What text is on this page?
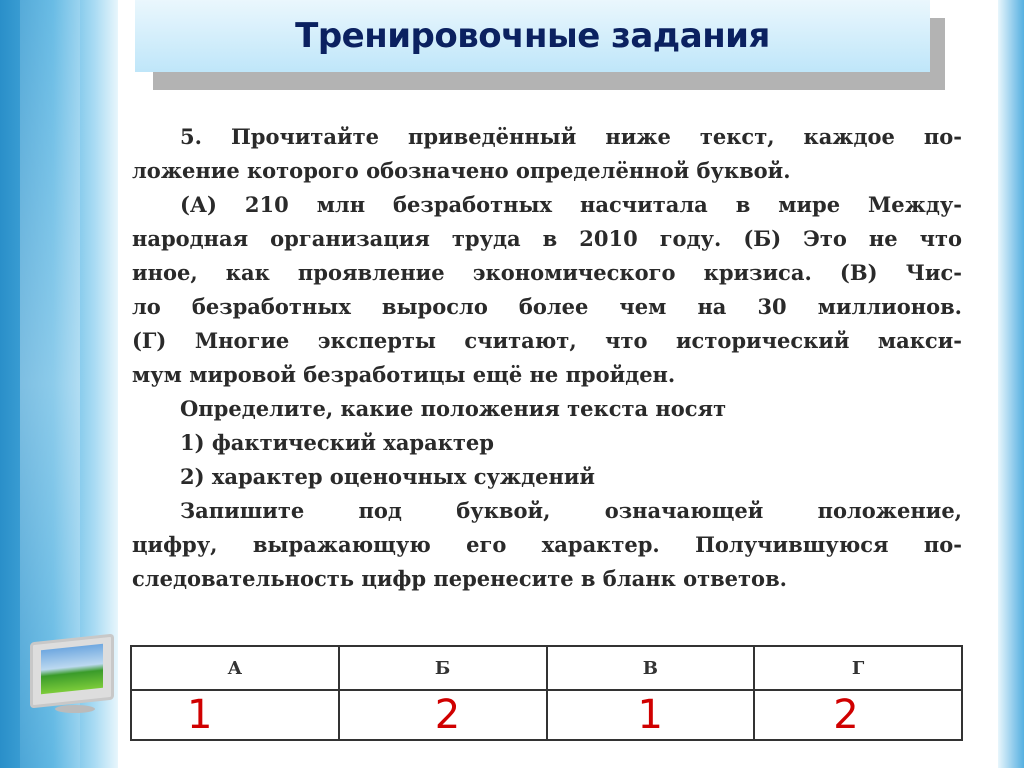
Тренировочные задания
5. Прочитайте приведённый ниже текст, каждое по-
ложение которого обозначено определённой буквой.
(А) 210 млн безработных насчитала в мире Между-
народная организация труда в 2010 году. (Б) Это не что
иное, как проявление экономического кризиса. (В) Чис-
ло безработных выросло более чем на 30 миллионов.
(Г) Многие эксперты считают, что исторический макси-
мум мировой безработицы ещё не пройден.
Определите, какие положения текста носят
1) фактический характер
2) характер оценочных суждений
Запишите под буквой, означающей положение,
цифру, выражающую его характер. Получившуюся по-
следовательность цифр перенесите в бланк ответов.
А	Б	В	Г
1	2	1	2
